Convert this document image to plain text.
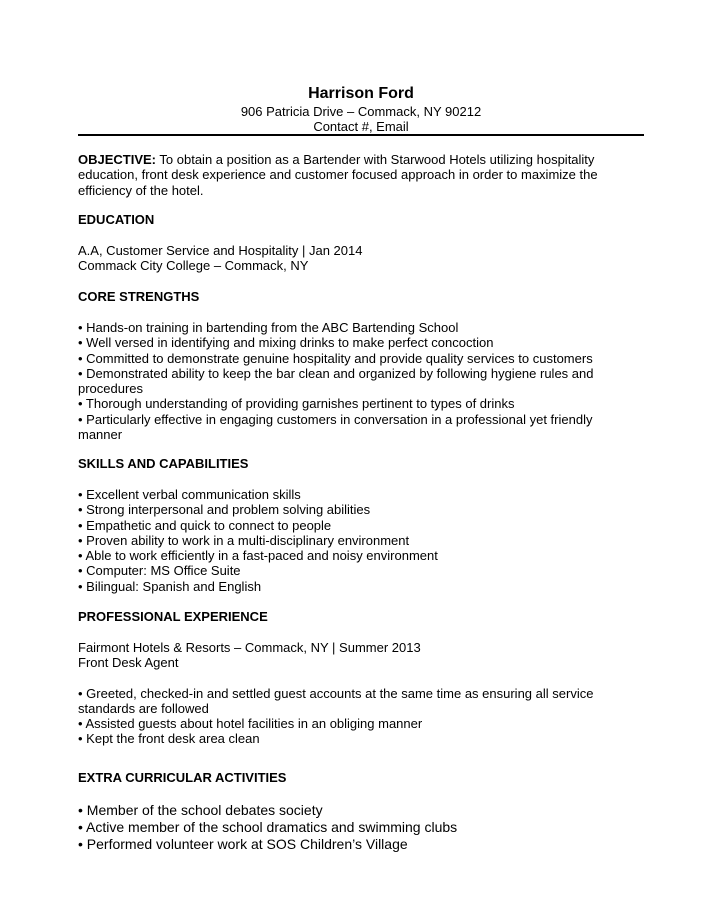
Harrison Ford
906 Patricia Drive – Commack, NY 90212
Contact #, Email
OBJECTIVE: To obtain a position as a Bartender with Starwood Hotels utilizing hospitality education, front desk experience and customer focused approach in order to maximize the efficiency of the hotel.
EDUCATION
A.A, Customer Service and Hospitality | Jan 2014
Commack City College – Commack, NY
CORE STRENGTHS
• Hands-on training in bartending from the ABC Bartending School
• Well versed in identifying and mixing drinks to make perfect concoction
• Committed to demonstrate genuine hospitality and provide quality services to customers
• Demonstrated ability to keep the bar clean and organized by following hygiene rules and procedures
• Thorough understanding of providing garnishes pertinent to types of drinks
• Particularly effective in engaging customers in conversation in a professional yet friendly manner
SKILLS AND CAPABILITIES
• Excellent verbal communication skills
• Strong interpersonal and problem solving abilities
• Empathetic and quick to connect to people
• Proven ability to work in a multi-disciplinary environment
• Able to work efficiently in a fast-paced and noisy environment
• Computer: MS Office Suite
• Bilingual: Spanish and English
PROFESSIONAL EXPERIENCE
Fairmont Hotels & Resorts – Commack, NY | Summer 2013
Front Desk Agent
• Greeted, checked-in and settled guest accounts at the same time as ensuring all service standards are followed
• Assisted guests about hotel facilities in an obliging manner
• Kept the front desk area clean
EXTRA CURRICULAR ACTIVITIES
• Member of the school debates society
• Active member of the school dramatics and swimming clubs
• Performed volunteer work at SOS Children’s Village
